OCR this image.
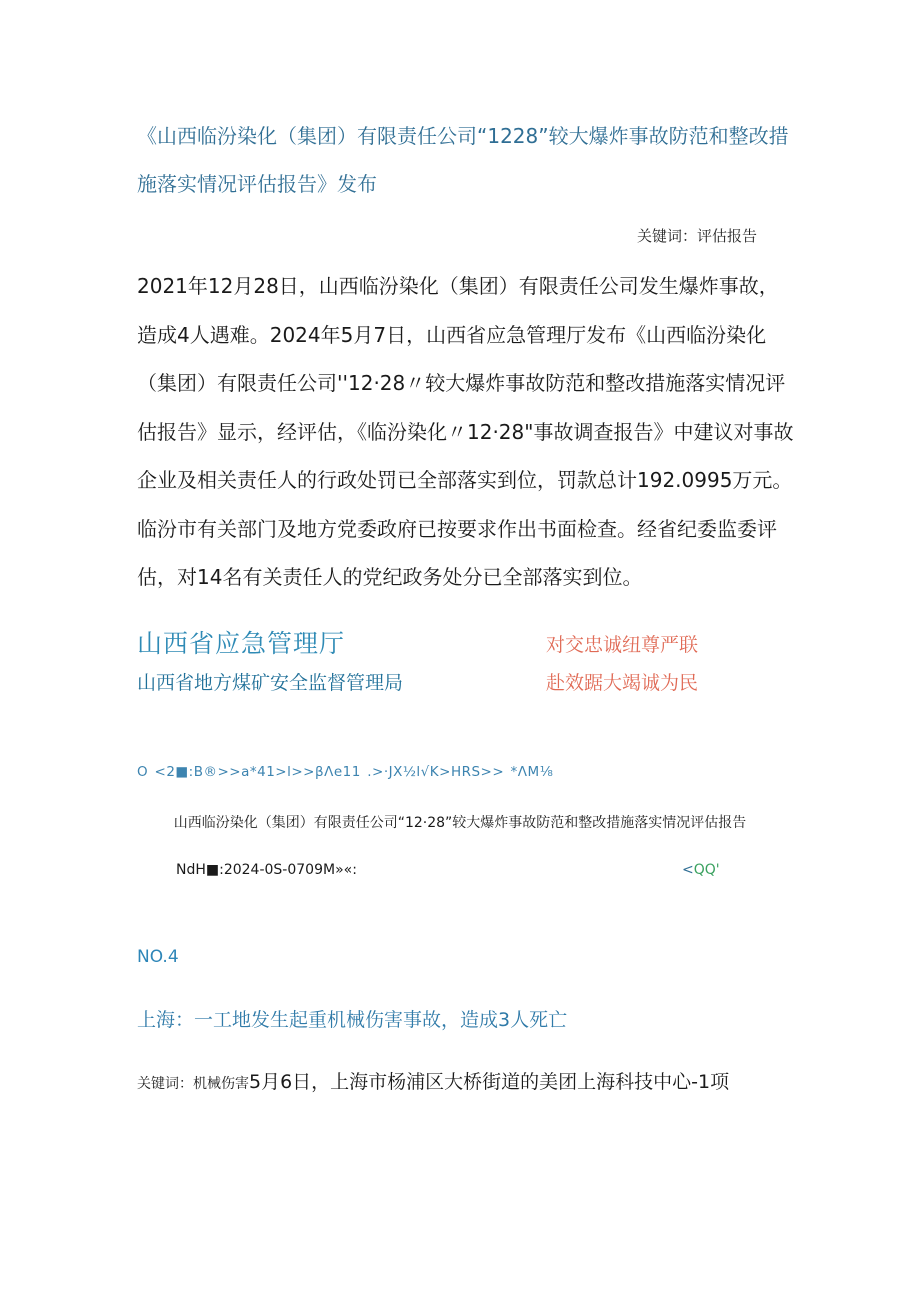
《山西临汾染化（集团）有限责任公司“1228”较大爆炸事故防范和整改措施落实情况评估报告》发布

关键词：评估报告

2021年12月28日，山西临汾染化（集团）有限责任公司发生爆炸事故，造成4人遇难。2024年5月7日，山西省应急管理厅发布《山西临汾染化（集团）有限责任公司''12·28〃较大爆炸事故防范和整改措施落实情况评估报告》显示，经评估，《临汾染化〃12·28"事故调查报告》中建议对事故企业及相关责任人的行政处罚已全部落实到位，罚款总计192.0995万元。临汾市有关部门及地方党委政府已按要求作出书面检查。经省纪委监委评估，对14名有关责任人的党纪政务处分已全部落实到位。

山西省应急管理厅
山西省地方煤矿安全监督管理局
对交忠诚纽尊严联
赴效踞大竭诚为民
O  <2■:B®>>a*41>l>>βΛe11  .>·JX½l√K>HRS>>  *ΛM⅛
山西临汾染化（集团）有限责任公司“12·28”较大爆炸事故防范和整改措施落实情况评估报告
NdH■:2024-0S-0709M»«:	<QQ'
NO.4
上海：一工地发生起重机械伤害事故，造成3人死亡
关键词：机械伤害5月6日，上海市杨浦区大桥街道的美团上海科技中心-1项
